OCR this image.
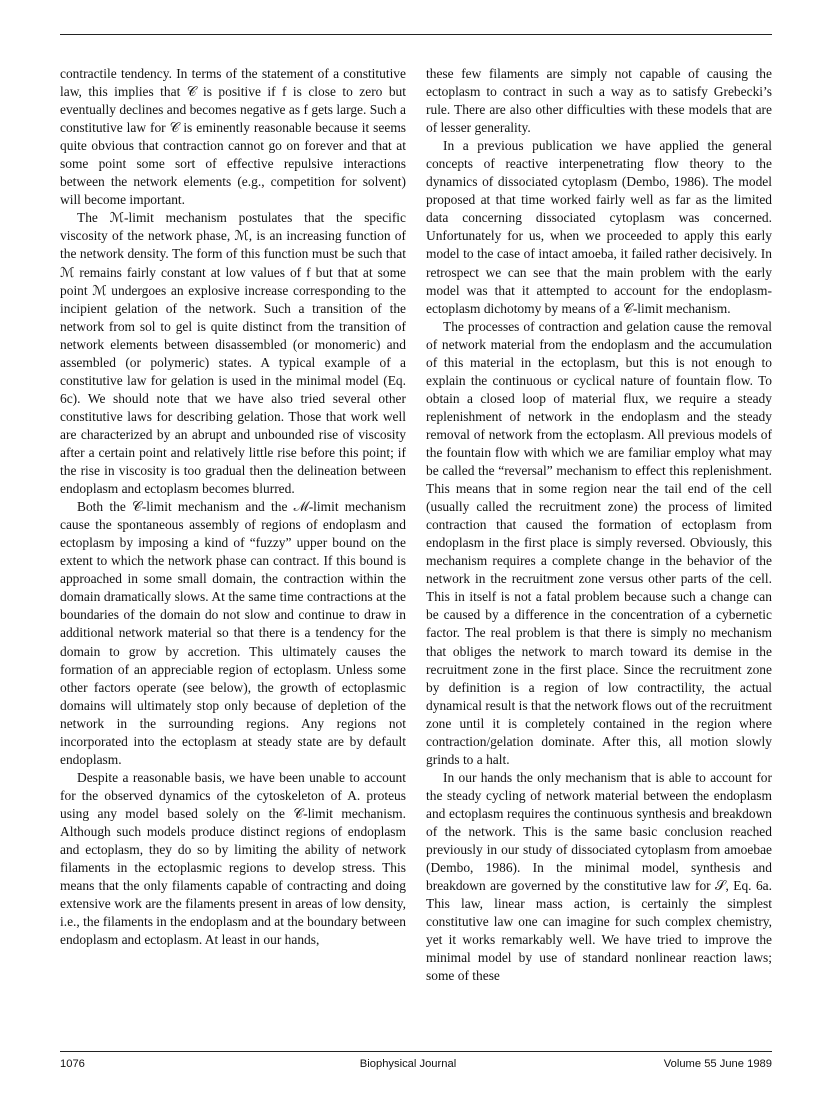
contractile tendency. In terms of the statement of a constitutive law, this implies that 𝒞 is positive if f is close to zero but eventually declines and becomes negative as f gets large. Such a constitutive law for 𝒞 is eminently reasonable because it seems quite obvious that contraction cannot go on forever and that at some point some sort of effective repulsive interactions between the network elements (e.g., competition for solvent) will become important.

The ℳ-limit mechanism postulates that the specific viscosity of the network phase, ℳ, is an increasing function of the network density. The form of this function must be such that ℳ remains fairly constant at low values of f but that at some point ℳ undergoes an explosive increase corresponding to the incipient gelation of the network. Such a transition of the network from sol to gel is quite distinct from the transition of network elements between disassembled (or monomeric) and assembled (or polymeric) states. A typical example of a constitutive law for gelation is used in the minimal model (Eq. 6c). We should note that we have also tried several other constitutive laws for describing gelation. Those that work well are characterized by an abrupt and unbounded rise of viscosity after a certain point and relatively little rise before this point; if the rise in viscosity is too gradual then the delineation between endoplasm and ectoplasm becomes blurred.

Both the 𝒞-limit mechanism and the ℳ-limit mechanism cause the spontaneous assembly of regions of endoplasm and ectoplasm by imposing a kind of “fuzzy” upper bound on the extent to which the network phase can contract. If this bound is approached in some small domain, the contraction within the domain dramatically slows. At the same time contractions at the boundaries of the domain do not slow and continue to draw in additional network material so that there is a tendency for the domain to grow by accretion. This ultimately causes the formation of an appreciable region of ectoplasm. Unless some other factors operate (see below), the growth of ectoplasmic domains will ultimately stop only because of depletion of the network in the surrounding regions. Any regions not incorporated into the ectoplasm at steady state are by default endoplasm.

Despite a reasonable basis, we have been unable to account for the observed dynamics of the cytoskeleton of A. proteus using any model based solely on the 𝒞-limit mechanism. Although such models produce distinct regions of endoplasm and ectoplasm, they do so by limiting the ability of network filaments in the ectoplasmic regions to develop stress. This means that the only filaments capable of contracting and doing extensive work are the filaments present in areas of low density, i.e., the filaments in the endoplasm and at the boundary between endoplasm and ectoplasm. At least in our hands,

these few filaments are simply not capable of causing the ectoplasm to contract in such a way as to satisfy Grebecki’s rule. There are also other difficulties with these models that are of lesser generality.

In a previous publication we have applied the general concepts of reactive interpenetrating flow theory to the dynamics of dissociated cytoplasm (Dembo, 1986). The model proposed at that time worked fairly well as far as the limited data concerning dissociated cytoplasm was concerned. Unfortunately for us, when we proceeded to apply this early model to the case of intact amoeba, it failed rather decisively. In retrospect we can see that the main problem with the early model was that it attempted to account for the endoplasm-ectoplasm dichotomy by means of a 𝒞-limit mechanism.

The processes of contraction and gelation cause the removal of network material from the endoplasm and the accumulation of this material in the ectoplasm, but this is not enough to explain the continuous or cyclical nature of fountain flow. To obtain a closed loop of material flux, we require a steady replenishment of network in the endoplasm and the steady removal of network from the ectoplasm. All previous models of the fountain flow with which we are familiar employ what may be called the “reversal” mechanism to effect this replenishment. This means that in some region near the tail end of the cell (usually called the recruitment zone) the process of limited contraction that caused the formation of ectoplasm from endoplasm in the first place is simply reversed. Obviously, this mechanism requires a complete change in the behavior of the network in the recruitment zone versus other parts of the cell. This in itself is not a fatal problem because such a change can be caused by a difference in the concentration of a cybernetic factor. The real problem is that there is simply no mechanism that obliges the network to march toward its demise in the recruitment zone in the first place. Since the recruitment zone by definition is a region of low contractility, the actual dynamical result is that the network flows out of the recruitment zone until it is completely contained in the region where contraction/gelation dominate. After this, all motion slowly grinds to a halt.

In our hands the only mechanism that is able to account for the steady cycling of network material between the endoplasm and ectoplasm requires the continuous synthesis and breakdown of the network. This is the same basic conclusion reached previously in our study of dissociated cytoplasm from amoebae (Dembo, 1986). In the minimal model, synthesis and breakdown are governed by the constitutive law for 𝒮, Eq. 6a. This law, linear mass action, is certainly the simplest constitutive law one can imagine for such complex chemistry, yet it works remarkably well. We have tried to improve the minimal model by use of standard nonlinear reaction laws; some of these

1076	Biophysical Journal	Volume 55 June 1989
